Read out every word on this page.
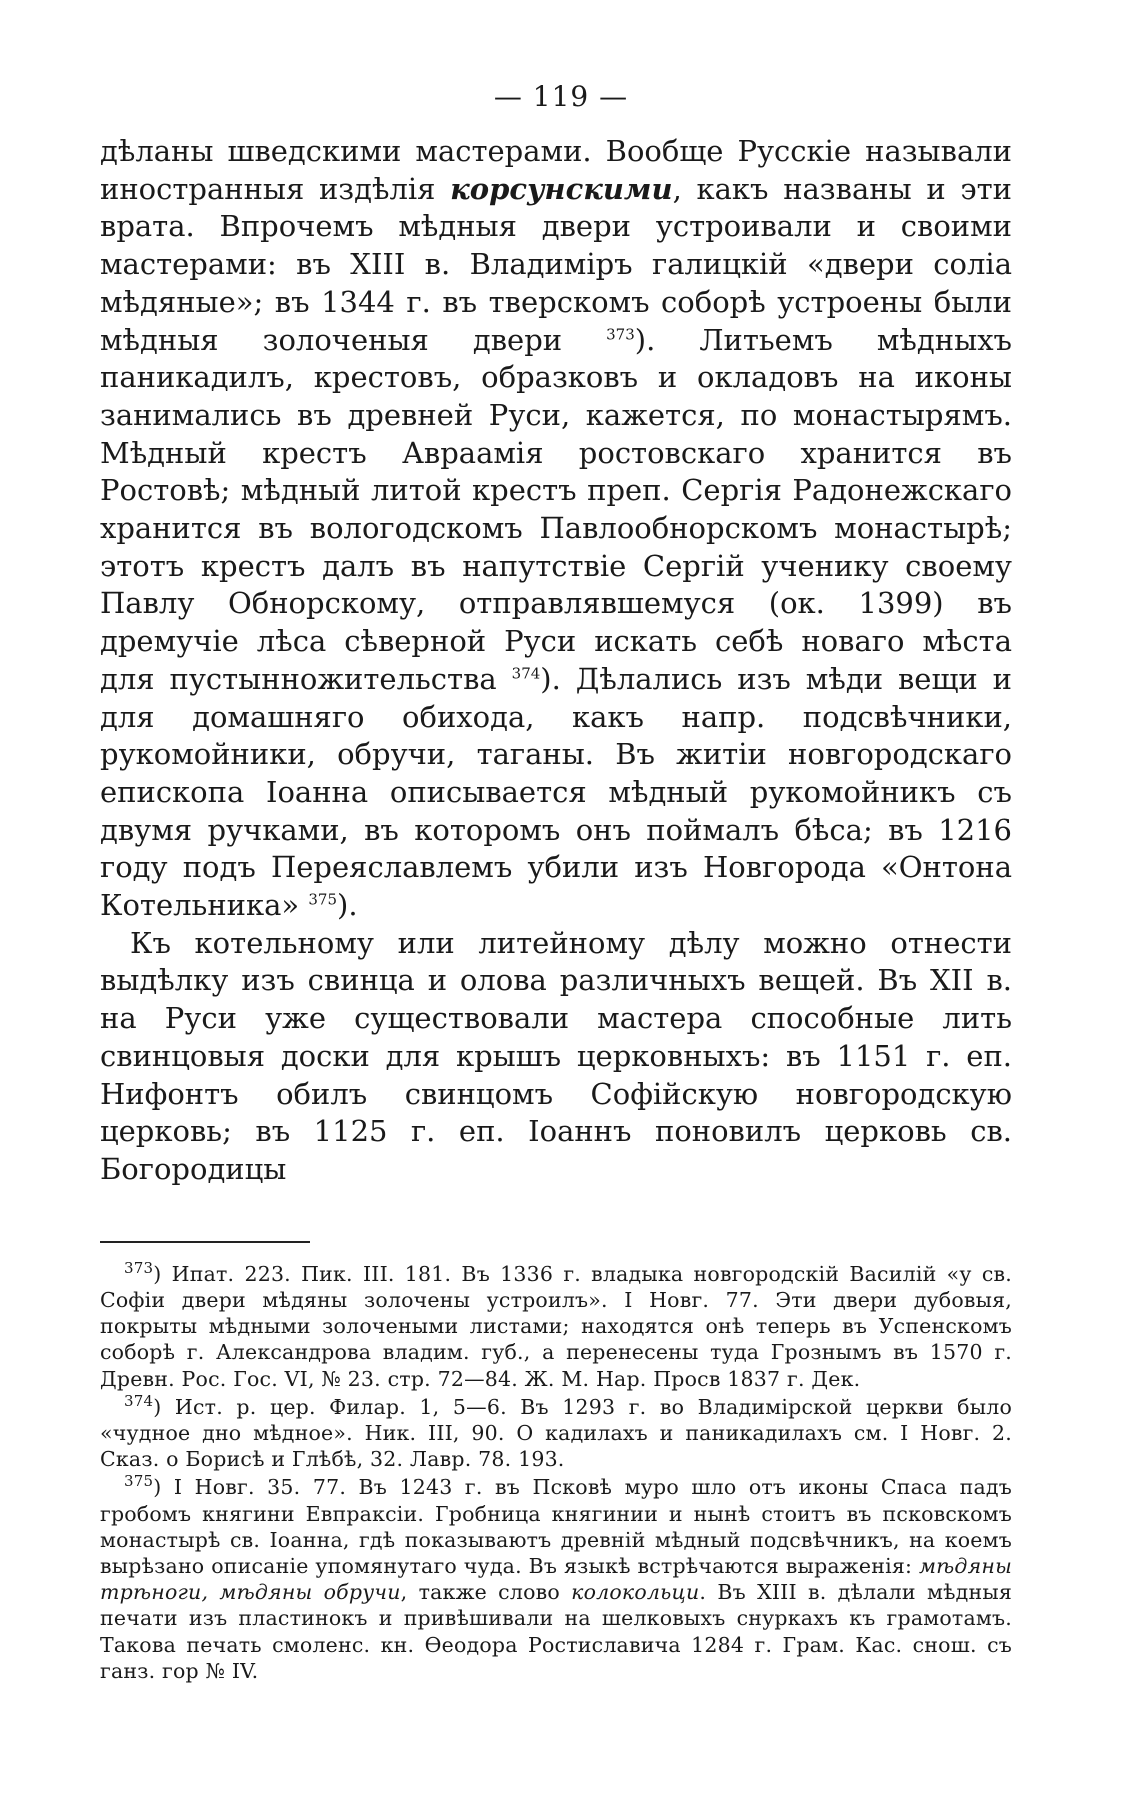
— 119 —

дѣланы шведскими мастерами. Вообще Русскіе называли иностранныя издѣлія корсунскими, какъ названы и эти врата. Впрочемъ мѣдныя двери устроивали и своими мастерами: въ XIII в. Владиміръ галицкій «двери соліа мѣдяные»; въ 1344 г. въ тверскомъ соборѣ устроены были мѣдныя золоченыя двери $^{373}$). Литьемъ мѣдныхъ паникадилъ, крестовъ, образковъ и окладовъ на иконы занимались въ древней Руси, кажется, по монастырямъ. Мѣдный крестъ Авраамія ростовскаго хранится въ Ростовѣ; мѣдный литой крестъ преп. Сергія Радонежскаго хранится въ вологодскомъ Павлообнорскомъ монастырѣ; этотъ крестъ далъ въ напутствіе Сергій ученику своему Павлу Обнорскому, отправлявшемуся (ок. 1399) въ дремучіе лѣса сѣверной Руси искать себѣ новаго мѣста для пустынножительства $^{374}$). Дѣлались изъ мѣди вещи и для домашняго обихода, какъ напр. подсвѣчники, рукомойники, обручи, таганы. Въ житіи новгородскаго епископа Іоанна описывается мѣдный рукомойникъ съ двумя ручками, въ которомъ онъ поймалъ бѣса; въ 1216 году подъ Переяславлемъ убили изъ Новгорода «Онтона Котельника» $^{375}$).

Къ котельному или литейному дѣлу можно отнести выдѣлку изъ свинца и олова различныхъ вещей. Въ XII в. на Руси уже существовали мастера способные лить свинцовыя доски для крышъ церковныхъ: въ 1151 г. еп. Нифонтъ обилъ свинцомъ Софійскую новгородскую церковь; въ 1125 г. еп. Іоаннъ поновилъ церковь св. Богородицы

$^{373}$) Ипат. 223. Пик. III. 181. Въ 1336 г. владыка новгородскій Василій «у св. Софіи двери мѣдяны золочены устроилъ». I Новг. 77. Эти двери дубовыя, покрыты мѣдными золочеными листами; находятся онѣ теперь въ Успенскомъ соборѣ г. Александрова владим. губ., а перенесены туда Грознымъ въ 1570 г. Древн. Рос. Гос. VI, № 23. стр. 72—84. Ж. М. Нар. Просв 1837 г. Дек.

$^{374}$) Ист. р. цер. Филар. 1, 5—6. Въ 1293 г. во Владимірской церкви было «чудное дно мѣдное». Ник. III, 90. О кадилахъ и паникадилахъ см. I Новг. 2. Сказ. о Борисѣ и Глѣбѣ, 32. Лавр. 78. 193.

$^{375}$) I Новг. 35. 77. Въ 1243 г. въ Псковѣ муро шло отъ иконы Спаса падъ гробомъ княгини Евпраксіи. Гробница княгинии и нынѣ стоитъ въ псковскомъ монастырѣ св. Іоанна, гдѣ показываютъ древній мѣдный подсвѣчникъ, на коемъ вырѣзано описаніе упомянутаго чуда. Въ языкѣ встрѣчаются выраженія: мѣдяны трѣноги, мѣдяны обручи, также слово колокольци. Въ XIII в. дѣлали мѣдныя печати изъ пластинокъ и привѣшивали на шелковыхъ снуркахъ къ грамотамъ. Такова печать смоленс. кн. Ѳеодора Ростиславича 1284 г. Грам. Кас. снош. съ ганз. гор № IV.
